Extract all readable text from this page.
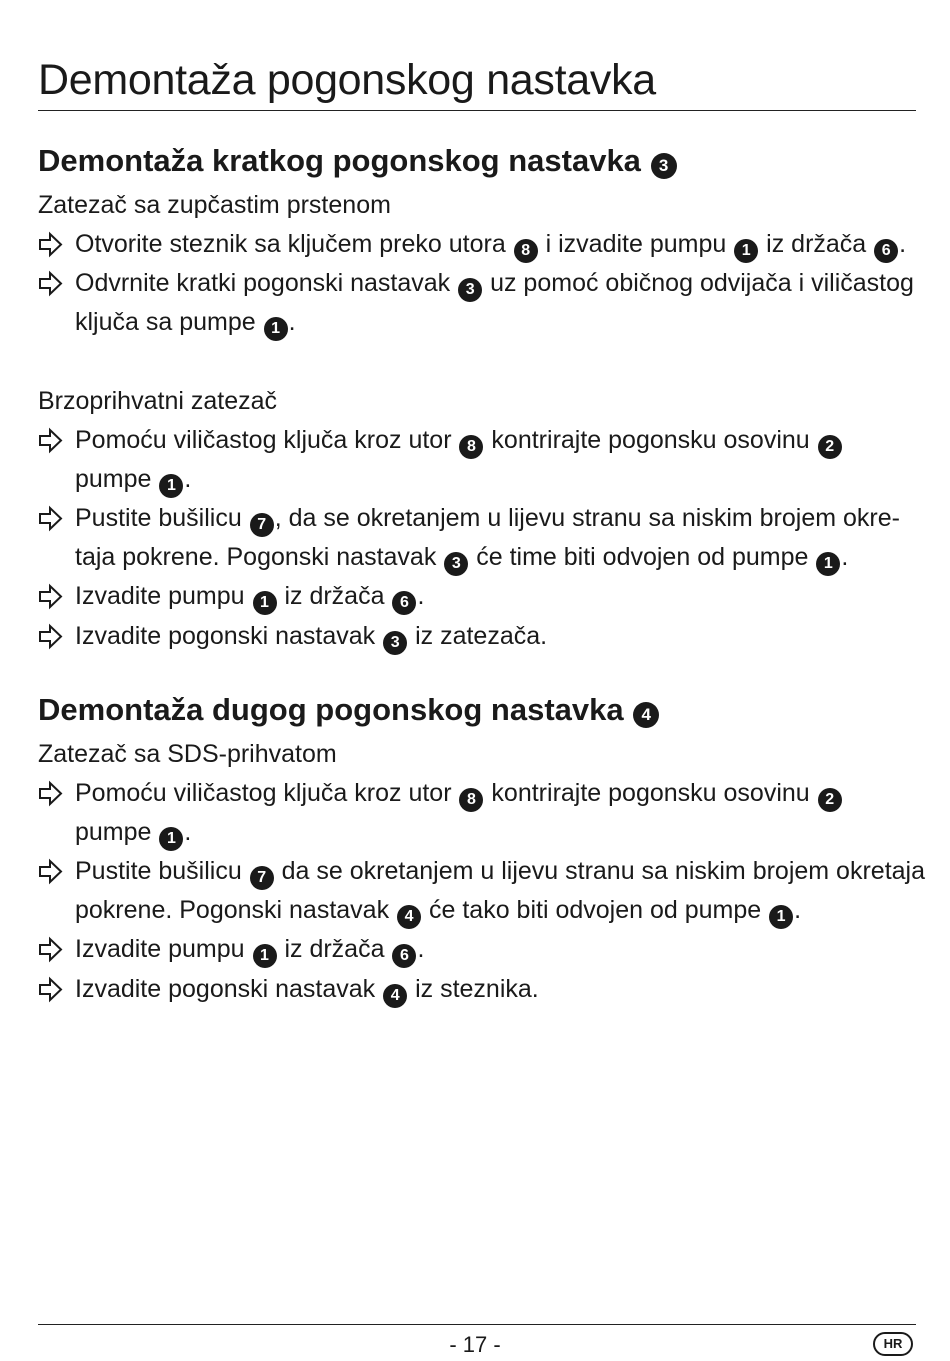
Demontaža pogonskog nastavka
Demontaža kratkog pogonskog nastavka 3
Zatezač sa zupčastim prstenom
Otvorite steznik sa ključem preko utora 8 i izvadite pumpu 1 iz držača 6 .
Odvrnite kratki pogonski nastavak 3 uz pomoć običnog odvijača i viličastog
ključa sa pumpe 1 .
Brzoprihvatni zatezač
Pomoću viličastog ključa kroz utor 8 kontrirajte pogonsku osovinu 2
pumpe 1 .
Pustite bušilicu 7 , da se okretanjem u lijevu stranu sa niskim brojem okre-
taja pokrene. Pogonski nastavak 3 će time biti odvojen od pumpe 1 .
Izvadite pumpu 1 iz držača 6 .
Izvadite pogonski nastavak 3 iz zatezača.
Demontaža dugog pogonskog nastavka 4
Zatezač sa SDS-prihvatom
Pomoću viličastog ključa kroz utor 8 kontrirajte pogonsku osovinu 2
pumpe 1 .
Pustite bušilicu 7 da se okretanjem u lijevu stranu sa niskim brojem okretaja
pokrene. Pogonski nastavak 4 će tako biti odvojen od pumpe 1 .
Izvadite pumpu 1 iz držača 6 .
Izvadite pogonski nastavak 4 iz steznika.
- 17 -	HR
